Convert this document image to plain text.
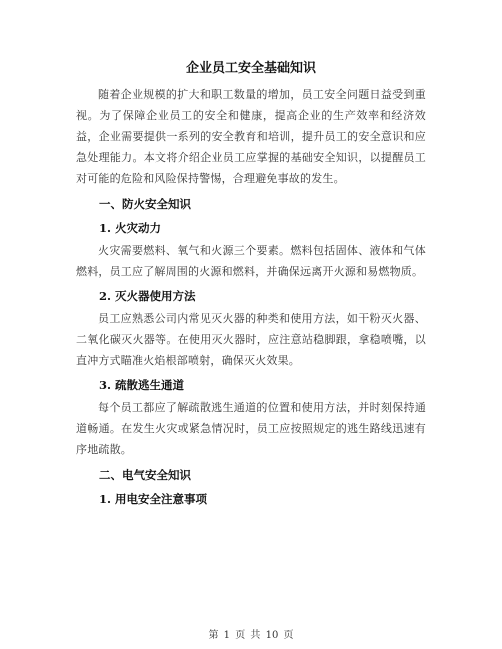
企业员工安全基础知识

随着企业规模的扩大和职工数量的增加，员工安全问题日益受到重视。为了保障企业员工的安全和健康，提高企业的生产效率和经济效益，企业需要提供一系列的安全教育和培训，提升员工的安全意识和应急处理能力。本文将介绍企业员工应掌握的基础安全知识，以提醒员工对可能的危险和风险保持警惕，合理避免事故的发生。

一、防火安全知识
1. 火灾动力

火灾需要燃料、氧气和火源三个要素。燃料包括固体、液体和气体燃料，员工应了解周围的火源和燃料，并确保远离开火源和易燃物质。

2. 灭火器使用方法

员工应熟悉公司内常见灭火器的种类和使用方法，如干粉灭火器、二氧化碳灭火器等。在使用灭火器时，应注意站稳脚跟，拿稳喷嘴，以直冲方式瞄准火焰根部喷射，确保灭火效果。

3. 疏散逃生通道

每个员工都应了解疏散逃生通道的位置和使用方法，并时刻保持通道畅通。在发生火灾或紧急情况时，员工应按照规定的逃生路线迅速有序地疏散。

二、电气安全知识
1. 用电安全注意事项
第 1 页 共 10 页
